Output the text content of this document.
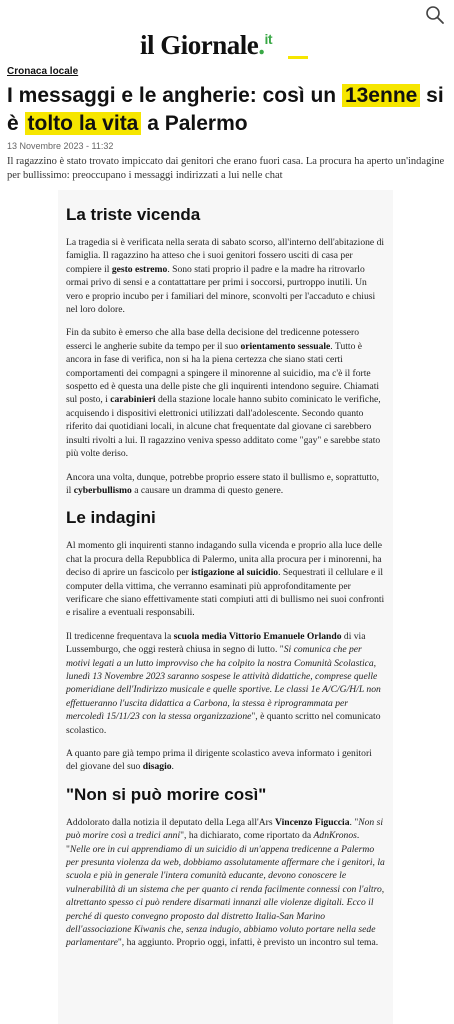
il Giornale.$^{it}$
Cronaca locale
I messaggi e le angherie: così un 13enne si è tolto la vita a Palermo
13 Novembre 2023 - 11:32

Il ragazzino è stato trovato impiccato dai genitori che erano fuori casa. La procura ha aperto un'indagine per bullissimo: preoccupano i messaggi indirizzati a lui nelle chat

La triste vicenda

La tragedia si è verificata nella serata di sabato scorso, all'interno dell'abitazione di famiglia. Il ragazzino ha atteso che i suoi genitori fossero usciti di casa per compiere il gesto estremo. Sono stati proprio il padre e la madre ha ritrovarlo ormai privo di sensi e a contattattare per primi i soccorsi, purtroppo inutili. Un vero e proprio incubo per i familiari del minore, sconvolti per l'accaduto e chiusi nel loro dolore.

Fin da subito è emerso che alla base della decisione del tredicenne potessero esserci le angherie subite da tempo per il suo orientamento sessuale. Tutto è ancora in fase di verifica, non si ha la piena certezza che siano stati certi comportamenti dei compagni a spingere il minorenne al suicidio, ma c'è il forte sospetto ed è questa una delle piste che gli inquirenti intendono seguire. Chiamati sul posto, i carabinieri della stazione locale hanno subito cominicato le verifiche, acquisendo i dispositivi elettronici utilizzati dall'adolescente. Secondo quanto riferito dai quotidiani locali, in alcune chat frequentate dal giovane ci sarebbero insulti rivolti a lui. Il ragazzino veniva spesso additato come "gay" e sarebbe stato più volte deriso.

Ancora una volta, dunque, potrebbe proprio essere stato il bullismo e, soprattutto, il cyberbullismo a causare un dramma di questo genere.

Le indagini

Al momento gli inquirenti stanno indagando sulla vicenda e proprio alla luce delle chat la procura della Repubblica di Palermo, unita alla procura per i minorenni, ha deciso di aprire un fascicolo per istigazione al suicidio. Sequestrati il cellulare e il computer della vittima, che verranno esaminati più approfonditamente per verificare che siano effettivamente stati compiuti atti di bullismo nei suoi confronti e risalire a eventuali responsabili.

Il tredicenne frequentava la scuola media Vittorio Emanuele Orlando di via Lussemburgo, che oggi resterà chiusa in segno di lutto. "Si comunica che per motivi legati a un lutto improvviso che ha colpito la nostra Comunità Scolastica, lunedì 13 Novembre 2023 saranno sospese le attività didattiche, comprese quelle pomeridiane dell'Indirizzo musicale e quelle sportive. Le classi 1e A/C/G/H/L non effettueranno l'uscita didattica a Carbona, la stessa è riprogrammata per mercoledì 15/11/23 con la stessa organizzazione", è quanto scritto nel comunicato scolastico.

A quanto pare già tempo prima il dirigente scolastico aveva informato i genitori del giovane del suo disagio.

"Non si può morire così"

Addolorato dalla notizia il deputato della Lega all'Ars Vincenzo Figuccia. "Non si può morire così a tredici anni", ha dichiarato, come riportato da AdnKronos. "Nelle ore in cui apprendiamo di un suicidio di un'appena tredicenne a Palermo per presunta violenza da web, dobbiamo assolutamente affermare che i genitori, la scuola e più in generale l'intera comunità educante, devono conoscere le vulnerabilità di un sistema che per quanto ci renda facilmente connessi con l'altro, altrettanto spesso ci può rendere disarmati innanzi alle violenze digitali. Ecco il perché di questo convegno proposto dal distretto Italia-San Marino dell'associazione Kiwanis che, senza indugio, abbiamo voluto portare nella sede parlamentare", ha aggiunto. Proprio oggi, infatti, è previsto un incontro sul tema.
